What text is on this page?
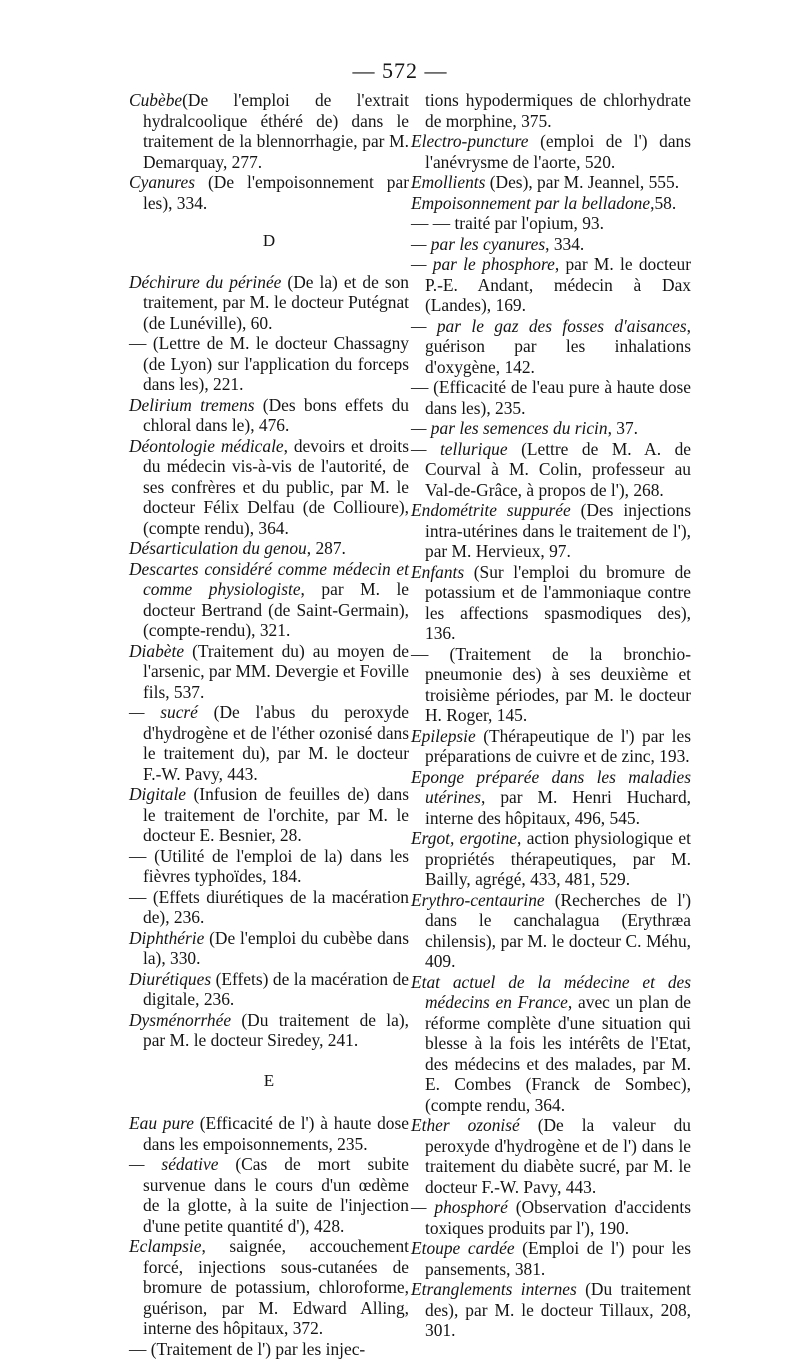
— 572 —

Cubèbe(De l'emploi de l'extrait hydralcoolique éthéré de) dans le traitement de la blennorrhagie, par M. Demarquay, 277.

Cyanures (De l'empoisonnement par les), 334.

D

Déchirure du périnée (De la) et de son traitement, par M. le docteur Putégnat (de Lunéville), 60.

— (Lettre de M. le docteur Chassagny (de Lyon) sur l'application du forceps dans les), 221.

Delirium tremens (Des bons effets du chloral dans le), 476.

Déontologie médicale, devoirs et droits du médecin vis-à-vis de l'autorité, de ses confrères et du public, par M. le docteur Félix Delfau (de Collioure), (compte rendu), 364.

Désarticulation du genou, 287.

Descartes considéré comme médecin et comme physiologiste, par M. le docteur Bertrand (de Saint-Germain), (compte-rendu), 321.

Diabète (Traitement du) au moyen de l'arsenic, par MM. Devergie et Foville fils, 537.

— sucré (De l'abus du peroxyde d'hydrogène et de l'éther ozonisé dans le traitement du), par M. le docteur F.-W. Pavy, 443.

Digitale (Infusion de feuilles de) dans le traitement de l'orchite, par M. le docteur E. Besnier, 28.

— (Utilité de l'emploi de la) dans les fièvres typhoïdes, 184.

— (Effets diurétiques de la macération de), 236.

Diphthérie (De l'emploi du cubèbe dans la), 330.

Diurétiques (Effets) de la macération de digitale, 236.

Dysménorrhée (Du traitement de la), par M. le docteur Siredey, 241.

E

Eau pure (Efficacité de l') à haute dose dans les empoisonnements, 235.

— sédative (Cas de mort subite survenue dans le cours d'un œdème de la glotte, à la suite de l'injection d'une petite quantité d'), 428.

Eclampsie, saignée, accouchement forcé, injections sous-cutanées de bromure de potassium, chloroforme, guérison, par M. Edward Alling, interne des hôpitaux, 372.

— (Traitement de l') par les injec-

tions hypodermiques de chlorhydrate de morphine, 375.

Electro-puncture (emploi de l') dans l'anévrysme de l'aorte, 520.

Emollients (Des), par M. Jeannel, 555.

Empoisonnement par la belladone,58.

— — traité par l'opium, 93.

— par les cyanures, 334.

— par le phosphore, par M. le docteur P.-E. Andant, médecin à Dax (Landes), 169.

— par le gaz des fosses d'aisances, guérison par les inhalations d'oxygène, 142.

— (Efficacité de l'eau pure à haute dose dans les), 235.

— par les semences du ricin, 37.

— tellurique (Lettre de M. A. de Courval à M. Colin, professeur au Val-de-Grâce, à propos de l'), 268.

Endométrite suppurée (Des injections intra-utérines dans le traitement de l'), par M. Hervieux, 97.

Enfants (Sur l'emploi du bromure de potassium et de l'ammoniaque contre les affections spasmodiques des), 136.

— (Traitement de la bronchio-pneumonie des) à ses deuxième et troisième périodes, par M. le docteur H. Roger, 145.

Epilepsie (Thérapeutique de l') par les préparations de cuivre et de zinc, 193.

Eponge préparée dans les maladies utérines, par M. Henri Huchard, interne des hôpitaux, 496, 545.

Ergot, ergotine, action physiologique et propriétés thérapeutiques, par M. Bailly, agrégé, 433, 481, 529.

Erythro-centaurine (Recherches de l') dans le canchalagua (Erythræa chilensis), par M. le docteur C. Méhu, 409.

Etat actuel de la médecine et des médecins en France, avec un plan de réforme complète d'une situation qui blesse à la fois les intérêts de l'Etat, des médecins et des malades, par M. E. Combes (Franck de Sombec), (compte rendu, 364.

Ether ozonisé (De la valeur du peroxyde d'hydrogène et de l') dans le traitement du diabète sucré, par M. le docteur F.-W. Pavy, 443.

— phosphoré (Observation d'accidents toxiques produits par l'), 190.

Etoupe cardée (Emploi de l') pour les pansements, 381.

Etranglements internes (Du traitement des), par M. le docteur Tillaux, 208, 301.
